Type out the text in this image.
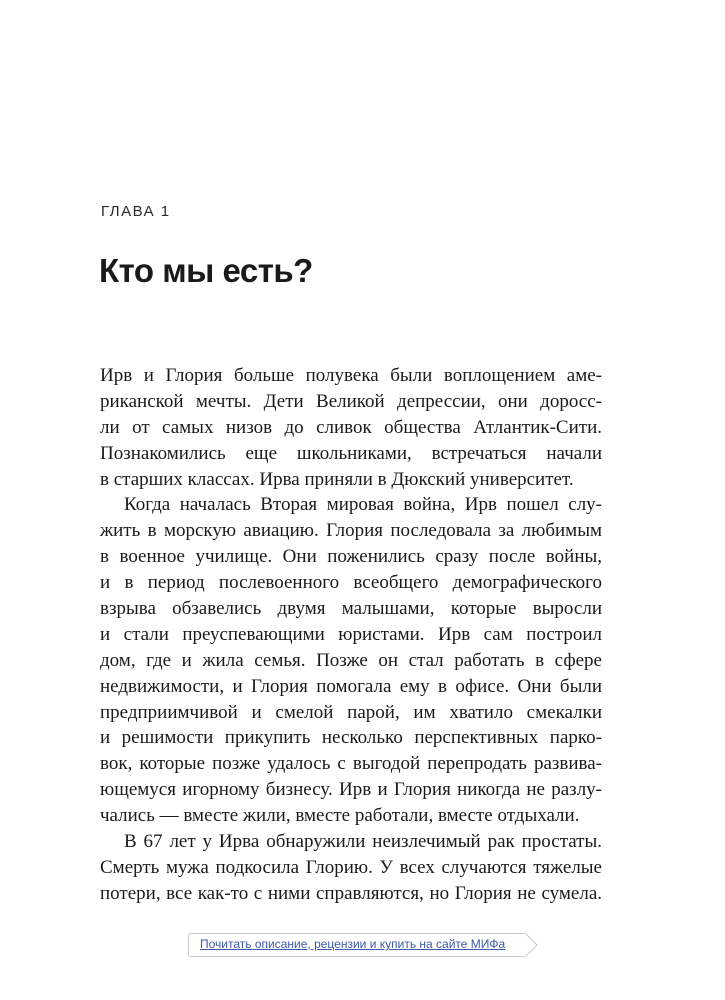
ГЛАВА 1
Кто мы есть?
Ирв и Глория больше полувека были воплощением аме-
риканской мечты. Дети Великой депрессии, они доросс-
ли от самых низов до сливок общества Атлантик-Сити.
Познакомились еще школьниками, встречаться начали
в старших классах. Ирва приняли в Дюкский университет.
Когда началась Вторая мировая война, Ирв пошел слу-
жить в морскую авиацию. Глория последовала за любимым
в военное училище. Они поженились сразу после войны,
и в период послевоенного всеобщего демографического
взрыва обзавелись двумя малышами, которые выросли
и стали преуспевающими юристами. Ирв сам построил
дом, где и жила семья. Позже он стал работать в сфере
недвижимости, и Глория помогала ему в офисе. Они были
предприимчивой и смелой парой, им хватило смекалки
и решимости прикупить несколько перспективных парко-
вок, которые позже удалось с выгодой перепродать развива-
ющемуся игорному бизнесу. Ирв и Глория никогда не разлу-
чались — вместе жили, вместе работали, вместе отдыхали.
В 67 лет у Ирва обнаружили неизлечимый рак простаты.
Смерть мужа подкосила Глорию. У всех случаются тяжелые
потери, все как-то с ними справляются, но Глория не сумела.
Почитать описание, рецензии и купить на сайте МИФа
